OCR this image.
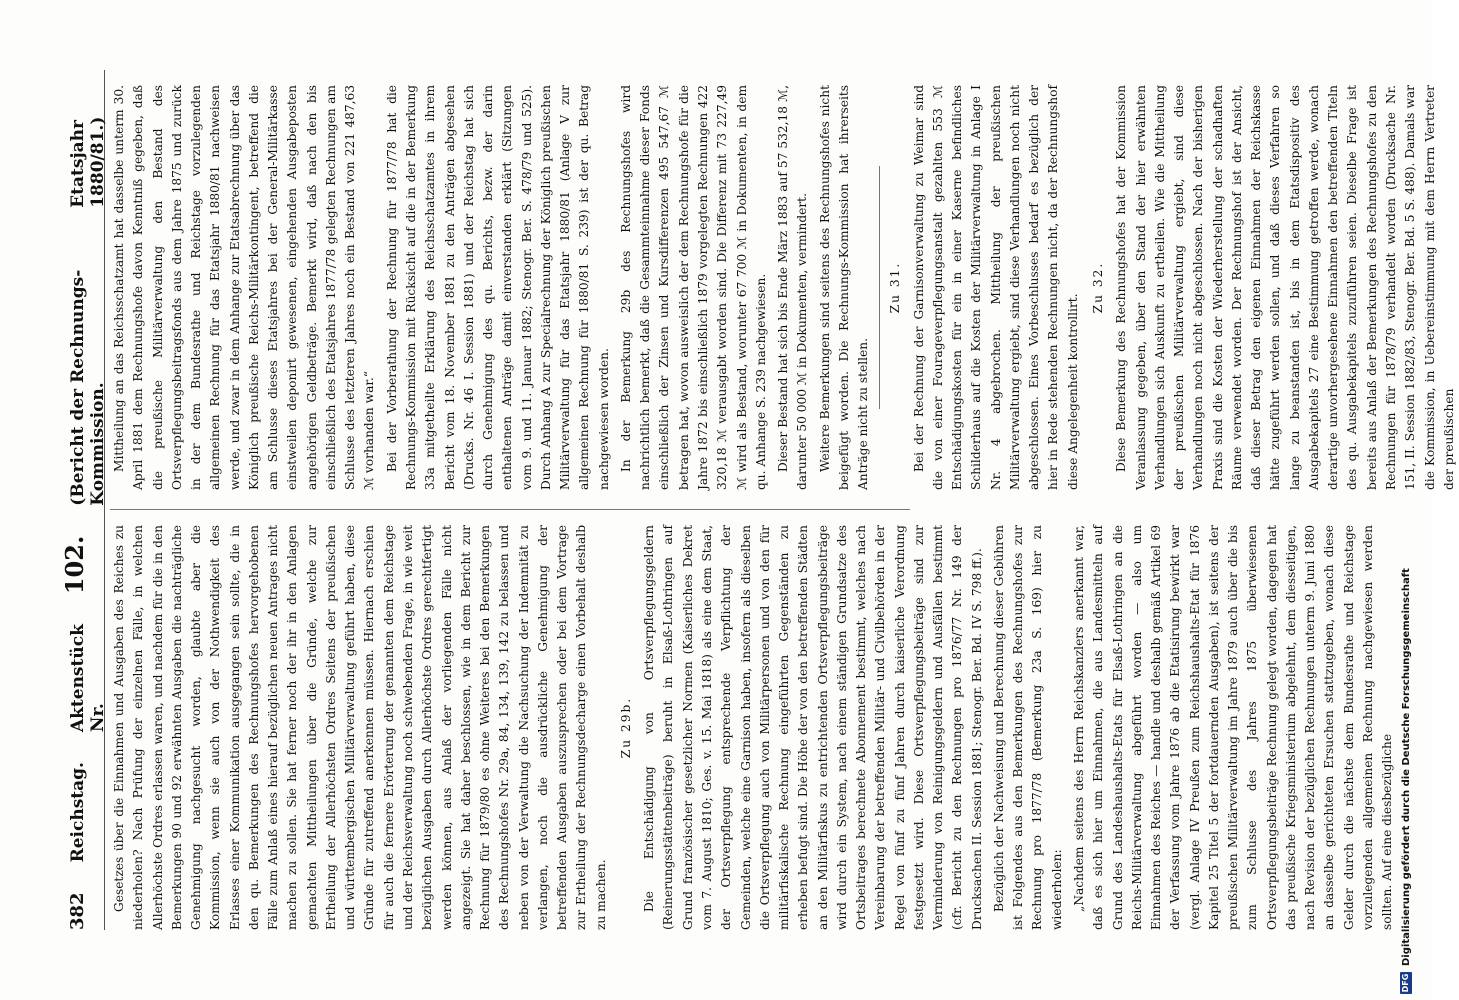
382
Reichstag.
Aktenstück Nr.
102.
(Bericht der Rechnungs-Kommission.
Etatsjahr 1880/81.)

Gesetzes über die Einnahmen und Ausgaben des Reiches zu niederholen? Nach Prüfung der einzelnen Fälle, in welchen Allerhöchste Ordres erlassen waren, und nachdem für die in den Bemerkungen 90 und 92 erwähnten Ausgaben die nachträgliche Genehmigung nachgesucht worden, glaubte aber die Kommission, wenn sie auch von der Nothwendigkeit des Erlasses einer Kommunikation ausgegangen sein sollte, die in den qu. Bemerkungen des Rechnungshofes hervorgehobenen Fälle zum Anlaß eines hierauf bezüglichen neuen Antrages nicht machen zu sollen. Sie hat ferner noch der ihr in den Anlagen gemachten Mittheilungen über die Gründe, welche zur Ertheilung der Allerhöchsten Ordres Seitens der preußischen und württembergischen Militärverwaltung geführt haben, diese Gründe für zutreffend anerkennen müssen. Hiernach erschien für auch die fernere Erörterung der genannten dem Reichstage und der Reichsverwaltung noch schwebenden Frage, in wie weit bezüglichen Ausgaben durch Allerhöchste Ordres gerechtfertigt werden können, aus Anlaß der vorliegenden Fälle nicht angezeigt. Sie hat daher beschlossen, wie in dem Bericht zur Rechnung für 1879/80 es ohne Weiteres bei den Bemerkungen des Rechnungshofes Nr. 29a, 84, 134, 139, 142 zu belassen und neben von der Verwaltung die Nachsuchung der Indemnität zu verlangen, noch die ausdrückliche Genehmigung der betreffenden Ausgaben auszusprechen oder bei dem Vortrage zur Ertheilung der Rechnungsdecharge einen Vorbehalt deshalb zu machen.

Zu 29b. Die Entschädigung von Ortsverpflegungsgeldern (Reinerungsstättenbeiträge) beruht in Elsaß-Lothringen auf Grund französischer gesetzlicher Normen (Kaiserliches Dekret vom 7. August 1810; Ges. v. 15. Mai 1818) als eine dem Staat, der Ortsverpflegung entsprechende Verpflichtung der Gemeinden, welche eine Garnison haben, insofern als dieselben die Ortsverpflegung auch von Militärpersonen und von den für militärfiskalische Rechnung eingeführten Gegenständen zu erheben befugt sind. Die Höhe der von den betreffenden Städten an den Militärfiskus zu entrichtenden Ortsverpflegungsbeiträge wird durch ein System, nach einem ständigen Grundsatze des Ortsbeitrages berechnete Abonnement bestimmt, welches nach Vereinbarung der betreffenden Militär- und Civilbehörden in der Regel von fünf zu fünf Jahren durch kaiserliche Verordnung festgesetzt wird. Diese Ortsverpflegungsbeiträge sind zur Verminderung von Reinigungsgeldern und Ausfällen bestimmt (cfr. Bericht zu den Rechnungen pro 1876/77 Nr. 149 der Drucksachen II. Session 1881; Stenogr. Ber. Bd. IV S. 798 ff.). Bezüglich der Nachweisung und Berechnung dieser Gebühren ist Folgendes aus den Bemerkungen des Rechnungshofes zur Rechnung pro 1877/78 (Bemerkung 23a S. 169) hier zu wiederholen: „Nachdem seitens des Herrn Reichskanzlers anerkannt war, daß es sich hier um Einnahmen, die aus Landesmitteln auf Grund des Landeshaushalts-Etats für Elsaß-Lothringen an die Reichs-Militärverwaltung abgeführt worden — also um Einnahmen des Reiches — handle und deshalb gemäß Artikel 69 der Verfassung vom Jahre 1876 ab die Etatisirung bewirkt war (vergl. Anlage IV Preußen zum Reichshaushalts-Etat für 1876 Kapitel 25 Titel 5 der fortdauernden Ausgaben), ist seitens der preußischen Militärverwaltung im Jahre 1879 auch über die bis zum Schlusse des Jahres 1875 überwiesenen Ortsverpflegungsbeiträge Rechnung gelegt worden, dagegen hat das preußische Kriegsministerium abgelehnt, dem diesseitigen, nach Revision der bezüglichen Rechnungen unterm 9. Juni 1880 an dasselbe gerichteten Ersuchen stattzugeben, wonach diese Gelder durch die nächste dem Bundesrathe und Reichstage vorzulegenden allgemeinen Rechnung nachgewiesen werden sollten. Auf eine diesbezügliche

Mittheilung an das Reichsschatzamt hat dasselbe unterm 30. April 1881 dem Rechnungshofe davon Kenntniß gegeben, daß die preußische Militärverwaltung den Bestand des Ortsverpflegungsbeitragsfonds aus dem Jahre 1875 und zurück in der dem Bundesrathe und Reichstage vorzulegenden allgemeinen Rechnung für das Etatsjahr 1880/81 nachweisen werde, und zwar in dem Anhange zur Etatsabrechnung über das Königlich preußische Reichs-Militärkontingent, betreffend die am Schlusse dieses Etatsjahres bei der General-Militärkasse einstweilen deponirt gewesenen, eingehenden Ausgabeposten angehörigen Geldbeträge. Bemerkt wird, daß nach den bis einschließlich des Etatsjahres 1877/78 gelegten Rechnungen am Schlusse des letzteren Jahres noch ein Bestand von 221 487,63 ℳ vorhanden war.“ Bei der Vorberathung der Rechnung für 1877/78 hat die Rechnungs-Kommission mit Rücksicht auf die in der Bemerkung 33a mitgetheilte Erklärung des Reichsschatzamtes in ihrem Bericht vom 18. November 1881 zu den Anträgen abgesehen (Drucks. Nr. 46 I. Session 1881) und der Reichstag hat sich durch Genehmigung des qu. Berichts, bezw. der darin enthaltenen Anträge damit einverstanden erklärt (Sitzungen vom 9. und 11. Januar 1882; Stenogr. Ber. S. 478/79 und 525). Durch Anhang A zur Specialrechnung der Königlich preußischen Militärverwaltung für das Etatsjahr 1880/81 (Anlage V zur allgemeinen Rechnung für 1880/81 S. 239) ist der qu. Betrag nachgewiesen worden. In der Bemerkung 29b des Rechnungshofes wird nachrichtlich bemerkt, daß die Gesammteinnahme dieser Fonds einschließlich der Zinsen und Kursdifferenzen 495 547,67 ℳ betragen hat, wovon ausweislich der dem Rechnungshofe für die Jahre 1872 bis einschließlich 1879 vorgelegten Rechnungen 422 320,18 ℳ verausgabt worden sind. Die Differenz mit 73 227,49 ℳ wird als Bestand, worunter 67 700 ℳ in Dokumenten, in dem qu. Anhange S. 239 nachgewiesen. Dieser Bestand hat sich bis Ende März 1883 auf 57 532,18 ℳ, darunter 50 000 ℳ in Dokumenten, vermindert. Weitere Bemerkungen sind seitens des Rechnungshofes nicht beigefügt worden. Die Rechnungs-Kommission hat ihrerseits Anträge nicht zu stellen.

Zu 31. Bei der Rechnung der Garnisonverwaltung zu Weimar sind die von einer Fourageverpflegungsanstalt gezahlten 553 ℳ Entschädigungskosten für ein in einer Kaserne befindliches Schilderhaus auf die Kosten der Militärverwaltung in Anlage I Nr. 4 abgebrochen. Mittheilung der preußischen Militärverwaltung ergiebt, sind diese Verhandlungen noch nicht abgeschlossen. Eines Vorbeschlusses bedarf es bezüglich der hier in Rede stehenden Rechnungen nicht, da der Rechnungshof diese Angelegenheit kontrollirt.

Zu 32. Diese Bemerkung des Rechnungshofes hat der Kommission Veranlassung gegeben, über den Stand der hier erwähnten Verhandlungen sich Auskunft zu ertheilen. Wie die Mittheilung der preußischen Militärverwaltung ergiebt, sind diese Verhandlungen noch nicht abgeschlossen. Nach der bisherigen Praxis sind die Kosten der Wiederherstellung der schadhaften Räume verwendet worden. Der Rechnungshof ist der Ansicht, daß dieser Betrag den eigenen Einnahmen der Reichskasse hätte zugeführt werden sollen, und daß dieses Verfahren so lange zu beanstanden ist, bis in dem Etatsdispositiv des Ausgabekapitels 27 eine Bestimmung getroffen werde, wonach derartige unvorhergesehene Einnahmen den betreffenden Titeln des qu. Ausgabekapitels zuzuführen seien. Dieselbe Frage ist bereits aus Anlaß der Bemerkungen des Rechnungshofes zu den Rechnungen für 1878/79 verhandelt worden (Drucksache Nr. 151, II. Session 1882/83, Stenogr. Ber. Bd. 5 S. 488). Damals war die Kommission, in Uebereinstimmung mit dem Herrn Vertreter der preußischen

DFG
Digitalisierung gefördert durch die Deutsche Forschungsgemeinschaft
